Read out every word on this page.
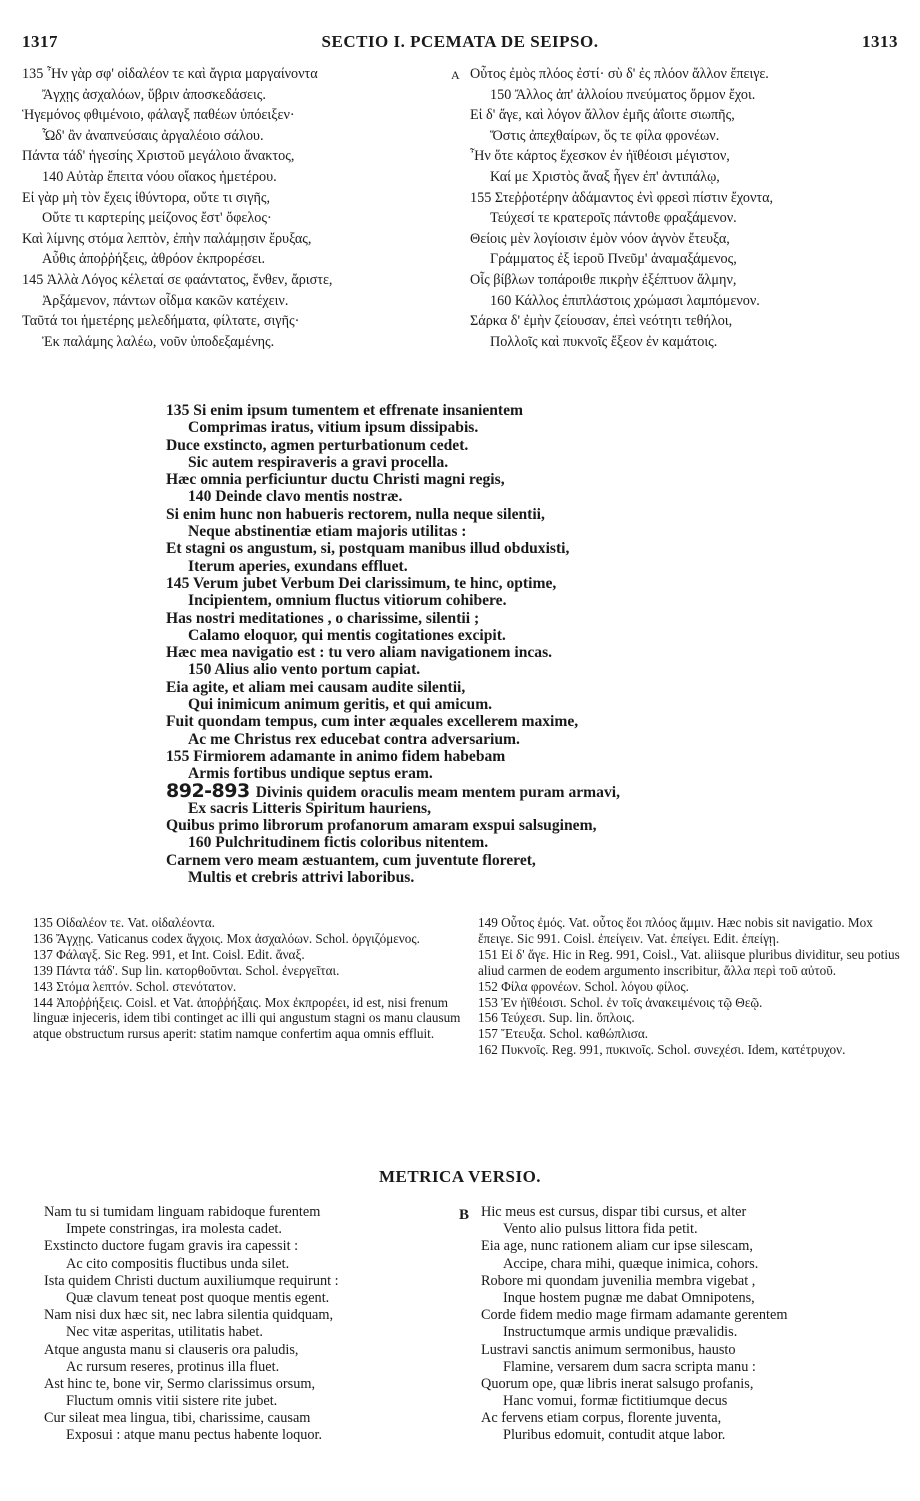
1317	SECTIO I. PCEMATA DE SEIPSO.	1313
135 Ἦν γὰρ σφ' οἰδαλέον τε καὶ ἄγρια μαργαίνοντα
Ἄγχῃς ἀσχαλόων, ὕβριν ἀποσκεδάσεις.
Ἡγεμόνος φθιμένοιο, φάλαγξ παθέων ὑπόειξεν·
Ὧδ' ἂν ἀναπνεύσαις ἀργαλέοιο σάλου.
Πάντα τάδ' ἡγεσίης Χριστοῦ μεγάλοιο ἄνακτος,
140 Αὐτὰρ ἔπειτα νόου οἴακος ἡμετέρου.
Εἰ γὰρ μὴ τὸν ἔχεις ἰθύντορα, οὔτε τι σιγῆς,
Οὔτε τι καρτερίης μείζονος ἔστ' ὄφελος·
Καὶ λίμνης στόμα λεπτὸν, ἐπὴν παλάμῃσιν ἔρυξας,
Αὖθις ἀποῤῥήξεις, ἀθρόον ἐκπρορέσει.
145 Ἀλλὰ Λόγος κέλεταί σε φαάντατος, ἔνθεν, ἄριστε,
Ἀρξάμενον, πάντων οἶδμα κακῶν κατέχειν.
Ταῦτά τοι ἡμετέρης μελεδήματα, φίλτατε, σιγῆς·
Ἐκ παλάμης λαλέω, νοῦν ὑποδεξαμένης.
A Οὗτος ἐμὸς πλόος ἐστί· σὺ δ' ἐς πλόον ἄλλον ἔπειγε.
150 Ἄλλος ἀπ' ἀλλοίου πνεύματος ὅρμον ἔχοι.
Εἰ δ' ἄγε, καὶ λόγον ἄλλον ἐμῆς ἀΐοιτε σιωπῆς,
Ὅστις ἀπεχθαίρων, ὅς τε φίλα φρονέων.
Ἦν ὅτε κάρτος ἔχεσκον ἐν ἠϊθέοισι μέγιστον,
Καί με Χριστὸς ἄναξ ἦγεν ἐπ' ἀντιπάλῳ,
155 Στεῤῥοτέρην ἀδάμαντος ἐνὶ φρεσὶ πίστιν ἔχοντα,
Τεύχεσί τε κρατεροῖς πάντοθε φραξάμενον.
Θείοις μὲν λογίοισιν ἐμὸν νόον ἁγνὸν ἔτευξα,
Γράμματος ἐξ ἱεροῦ Πνεῦμ' ἀναμαξάμενος,
Οἷς βίβλων τοπάροιθε πικρὴν ἐξέπτυον ἅλμην,
160 Κάλλος ἐπιπλάστοις χρώμασι λαμπόμενον.
Σάρκα δ' ἐμὴν ζείουσαν, ἐπεὶ νεότητι τεθήλοι,
Πολλοῖς καὶ πυκνοῖς ἔξεον ἐν καμάτοις.
135 Si enim ipsum tumentem et effrenate insanientem
Comprimas iratus, vitium ipsum dissipabis.
Duce exstincto, agmen perturbationum cedet.
Sic autem respiraveris a gravi procella.
Hæc omnia perficiuntur ductu Christi magni regis,
140 Deinde clavo mentis nostræ.
Si enim hunc non habueris rectorem, nulla neque silentii,
Neque abstinentiæ etiam majoris utilitas :
Et stagni os angustum, si, postquam manibus illud obduxisti,
Iterum aperies, exundans effluet.
145 Verum jubet Verbum Dei clarissimum, te hinc, optime,
Incipientem, omnium fluctus vitiorum cohibere.
Has nostri meditationes , o charissime, silentii ;
Calamo eloquor, qui mentis cogitationes excipit.
Hæc mea navigatio est : tu vero aliam navigationem incas.
150 Alius alio vento portum capiat.
Eia agite, et aliam mei causam audite silentii,
Qui inimicum animum geritis, et qui amicum.
Fuit quondam tempus, cum inter æquales excellerem maxime,
Ac me Christus rex educebat contra adversarium.
155 Firmiorem adamante in animo fidem habebam
Armis fortibus undique septus eram.
892-893 Divinis quidem oraculis meam mentem puram armavi,
Ex sacris Litteris Spiritum hauriens,
Quibus primo librorum profanorum amaram exspui salsuginem,
160 Pulchritudinem fictis coloribus nitentem.
Carnem vero meam æstuantem, cum juventute floreret,
Multis et crebris attrivi laboribus.

135 Οἰδαλέον τε. Vat. οἰδαλέοντα.

136 Ἄγχῃς. Vaticanus codex ἄγχοις. Mox ἀσχαλόων. Schol. ὀργιζόμενος.

137 Φάλαγξ. Sic Reg. 991, et Int. Coisl. Edit. ἄναξ.

139 Πάντα τάδ'. Sup lin. κατορθοῦνται. Schol. ἐνεργεῖται.

143 Στόμα λεπτόν. Schol. στενότατον.

144 Ἀποῤῥήξεις. Coisl. et Vat. ἀποῤῥήξαις. Mox ἐκπρορέει, id est, nisi frenum linguæ injeceris, idem tibi continget ac illi qui angustum stagni os manu clausum atque obstructum rursus aperit: statim namque confertim aqua omnis effluit.

149 Οὗτος ἐμός. Vat. οὗτος ἔοι πλόος ἄμμιν. Hæc nobis sit navigatio. Mox ἔπειγε. Sic 991. Coisl. ἐπείγειν. Vat. ἐπείγει. Edit. ἐπείγῃ.

151 Εἰ δ' ἄγε. Hic in Reg. 991, Coisl., Vat. aliisque pluribus dividitur, seu potius aliud carmen de eodem argumento inscribitur, ἄλλα περὶ τοῦ αὐτοῦ.

152 Φίλα φρονέων. Schol. λόγου φίλος.

153 Ἐν ἠϊθέοισι. Schol. ἐν τοῖς ἀνακειμένοις τῷ Θεῷ.

156 Τεύχεσι. Sup. lin. ὅπλοις.

157 Ἔτευξα. Schol. καθώπλισα.

162 Πυκνοῖς. Reg. 991, πυκινοῖς. Schol. συνεχέσι. Idem, κατέτρυχον.

METRICA VERSIO.
Nam tu si tumidam linguam rabidoque furentem
Impete constringas, ira molesta cadet.
Exstincto ductore fugam gravis ira capessit :
Ac cito compositis fluctibus unda silet.
Ista quidem Christi ductum auxiliumque requirunt :
Quæ clavum teneat post quoque mentis egent.
Nam nisi dux hæc sit, nec labra silentia quidquam,
Nec vitæ asperitas, utilitatis habet.
Atque angusta manu si clauseris ora paludis,
Ac rursum reseres, protinus illa fluet.
Ast hinc te, bone vir, Sermo clarissimus orsum,
Fluctum omnis vitii sistere rite jubet.
Cur sileat mea lingua, tibi, charissime, causam
Exposui : atque manu pectus habente loquor.
B Hic meus est cursus, dispar tibi cursus, et alter
Vento alio pulsus littora fida petit.
Eia age, nunc rationem aliam cur ipse silescam,
Accipe, chara mihi, quæque inimica, cohors.
Robore mi quondam juvenilia membra vigebat ,
Inque hostem pugnæ me dabat Omnipotens,
Corde fidem medio mage firmam adamante gerentem
Instructumque armis undique prævalidis.
Lustravi sanctis animum sermonibus, hausto
Flamine, versarem dum sacra scripta manu :
Quorum ope, quæ libris inerat salsugo profanis,
Hanc vomui, formæ fictitiumque decus
Ac fervens etiam corpus, florente juventa,
Pluribus edomuit, contudit atque labor.
